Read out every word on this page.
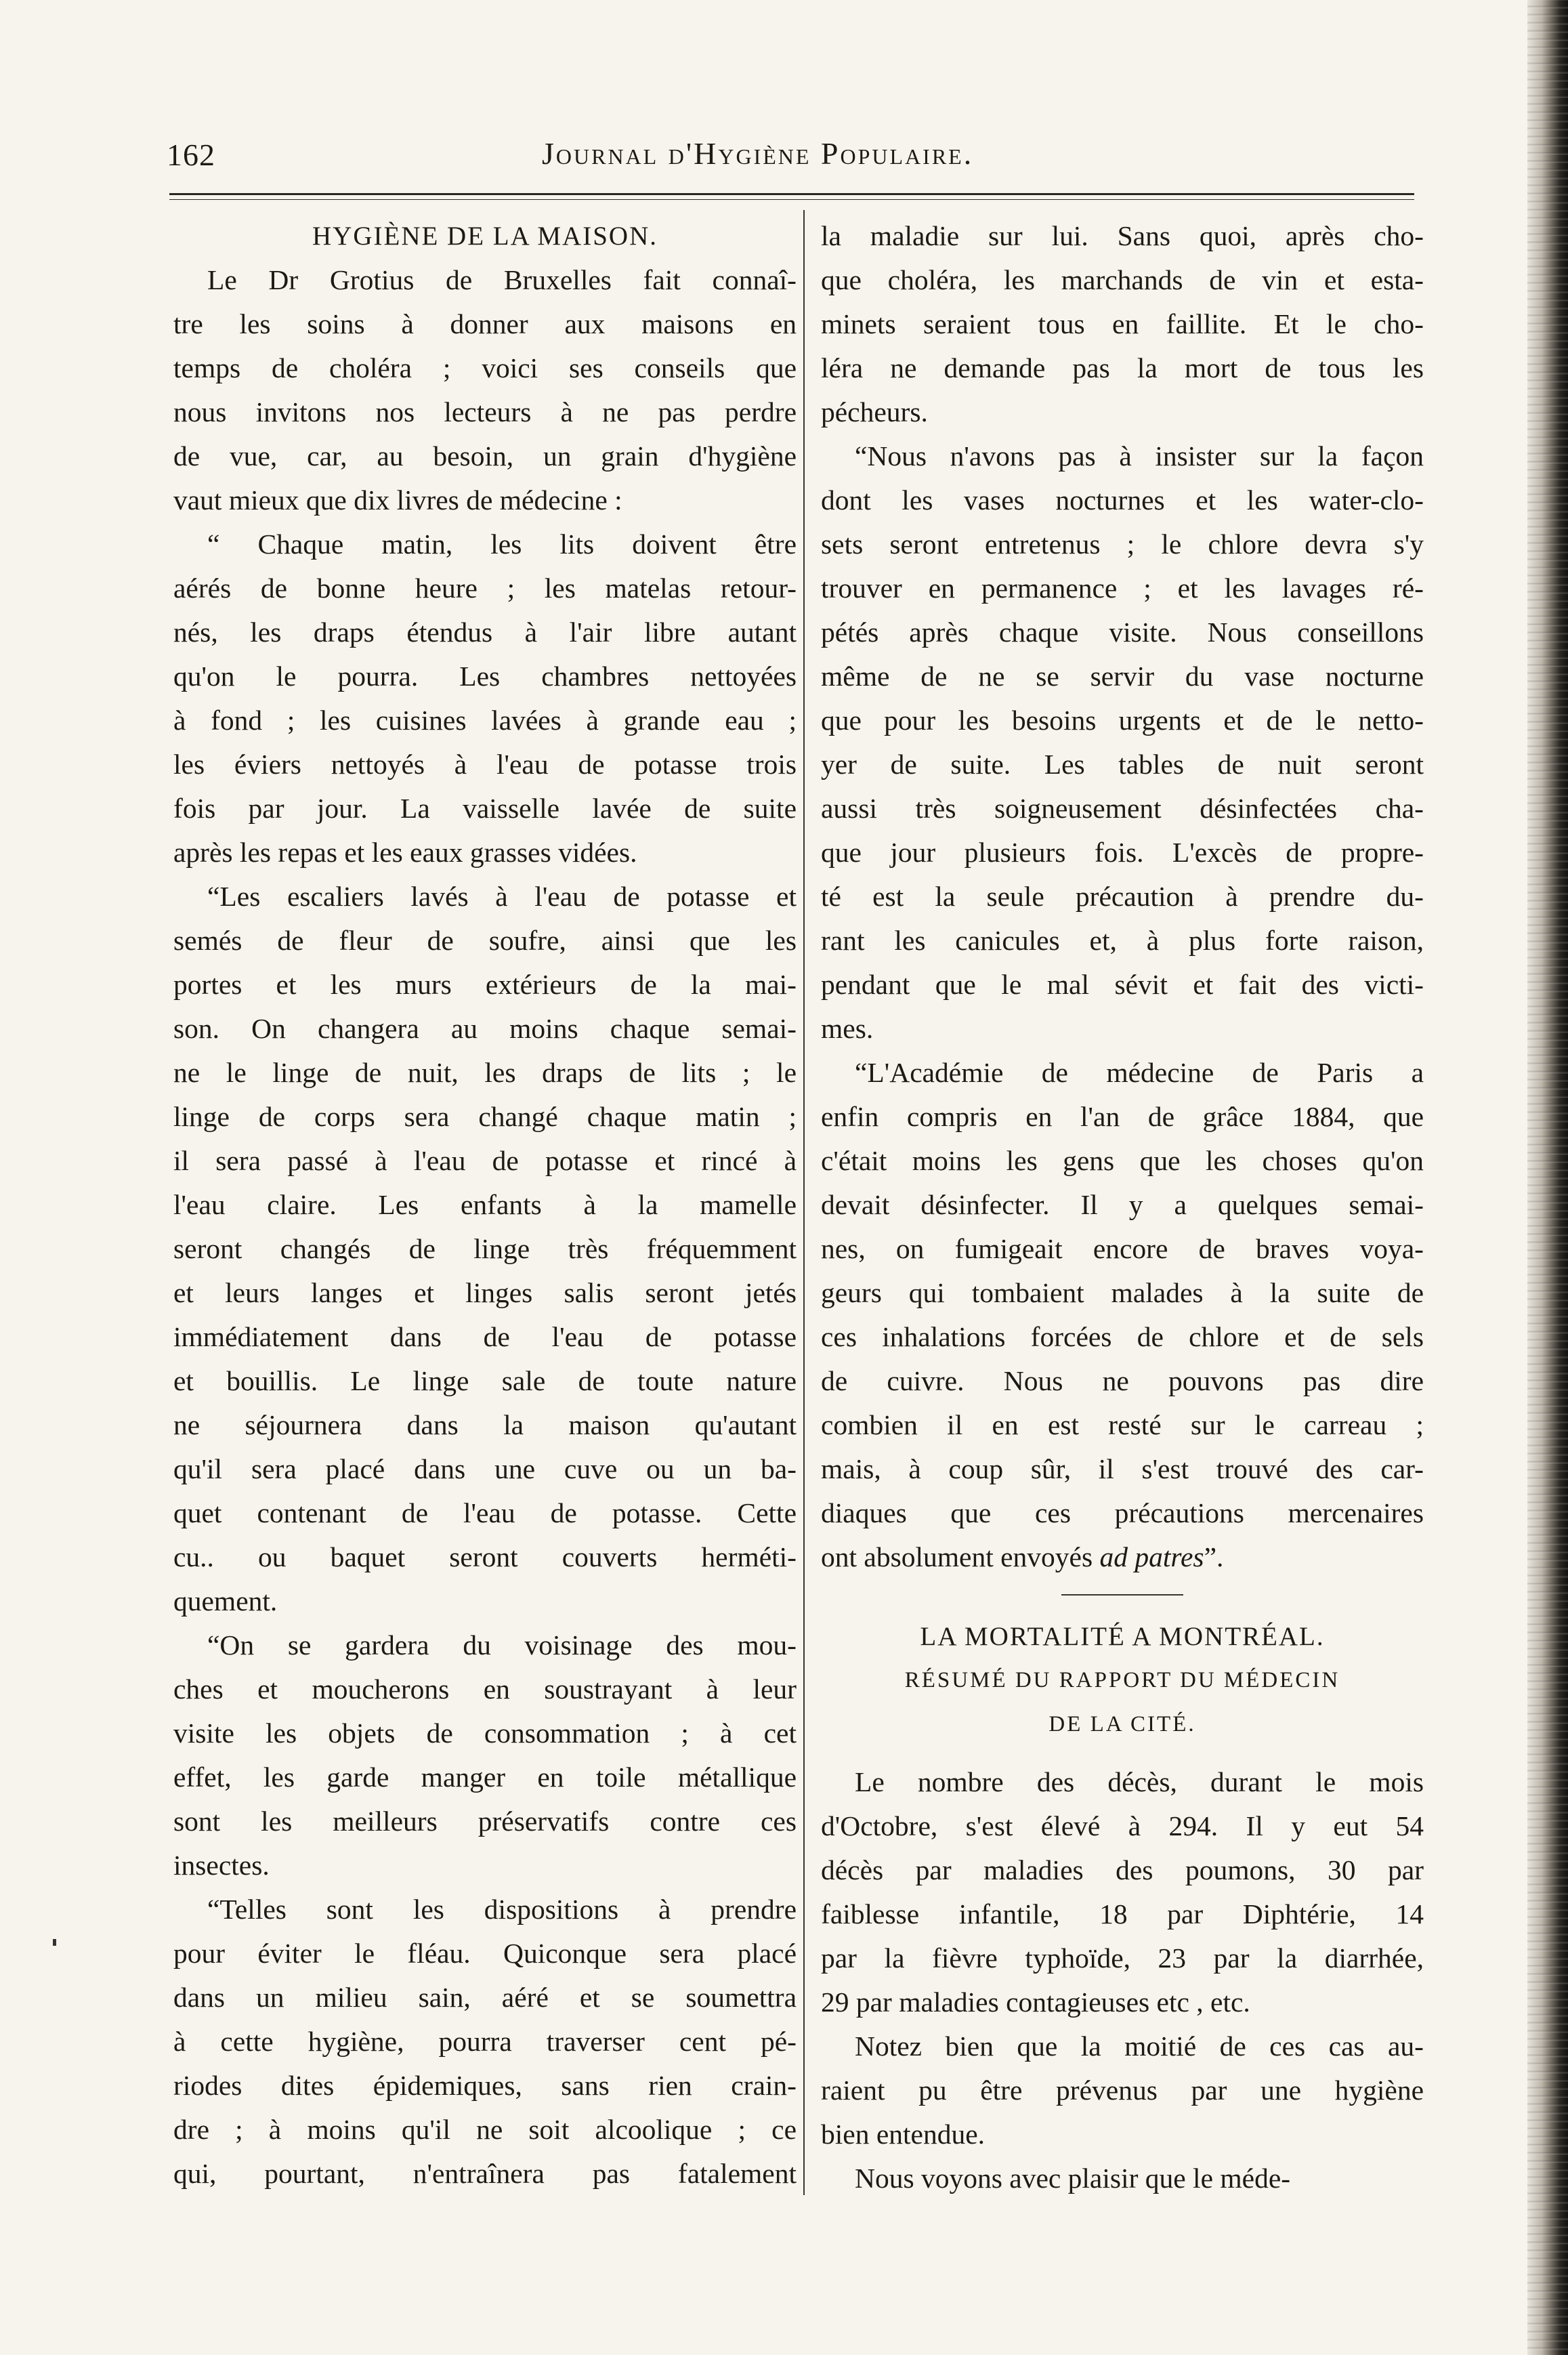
162	Journal d'Hygiène Populaire.
HYGIÈNE DE LA MAISON.
Le Dr Grotius de Bruxelles fait connaî-
tre les soins à donner aux maisons en
temps de choléra ; voici ses conseils que
nous invitons nos lecteurs à ne pas perdre
de vue, car, au besoin, un grain d'hygiène
vaut mieux que dix livres de médecine :
“ Chaque matin, les lits doivent être
aérés de bonne heure ; les matelas retour-
nés, les draps étendus à l'air libre autant
qu'on le pourra. Les chambres nettoyées
à fond ; les cuisines lavées à grande eau ;
les éviers nettoyés à l'eau de potasse trois
fois par jour. La vaisselle lavée de suite
après les repas et les eaux grasses vidées.
“Les escaliers lavés à l'eau de potasse et
semés de fleur de soufre, ainsi que les
portes et les murs extérieurs de la mai-
son. On changera au moins chaque semai-
ne le linge de nuit, les draps de lits ; le
linge de corps sera changé chaque matin ;
il sera passé à l'eau de potasse et rincé à
l'eau claire. Les enfants à la mamelle
seront changés de linge très fréquemment
et leurs langes et linges salis seront jetés
immédiatement dans de l'eau de potasse
et bouillis. Le linge sale de toute nature
ne séjournera dans la maison qu'autant
qu'il sera placé dans une cuve ou un ba-
quet contenant de l'eau de potasse. Cette
cu.. ou baquet seront couverts herméti-
quement.
“On se gardera du voisinage des mou-
ches et moucherons en soustrayant à leur
visite les objets de consommation ; à cet
effet, les garde manger en toile métallique
sont les meilleurs préservatifs contre ces
insectes.
“Telles sont les dispositions à prendre
pour éviter le fléau. Quiconque sera placé
dans un milieu sain, aéré et se soumettra
à cette hygiène, pourra traverser cent pé-
riodes dites épidemiques, sans rien crain-
dre ; à moins qu'il ne soit alcoolique ; ce
qui, pourtant, n'entraînera pas fatalement
la maladie sur lui. Sans quoi, après cho-
que choléra, les marchands de vin et esta-
minets seraient tous en faillite. Et le cho-
léra ne demande pas la mort de tous les
pécheurs.
“Nous n'avons pas à insister sur la façon
dont les vases nocturnes et les water-clo-
sets seront entretenus ; le chlore devra s'y
trouver en permanence ; et les lavages ré-
pétés après chaque visite. Nous conseillons
même de ne se servir du vase nocturne
que pour les besoins urgents et de le netto-
yer de suite. Les tables de nuit seront
aussi très soigneusement désinfectées cha-
que jour plusieurs fois. L'excès de propre-
té est la seule précaution à prendre du-
rant les canicules et, à plus forte raison,
pendant que le mal sévit et fait des victi-
mes.
“L'Académie de médecine de Paris a
enfin compris en l'an de grâce 1884, que
c'était moins les gens que les choses qu'on
devait désinfecter. Il y a quelques semai-
nes, on fumigeait encore de braves voya-
geurs qui tombaient malades à la suite de
ces inhalations forcées de chlore et de sels
de cuivre. Nous ne pouvons pas dire
combien il en est resté sur le carreau ;
mais, à coup sûr, il s'est trouvé des car-
diaques que ces précautions mercenaires
ont absolument envoyés ad patres”.
LA MORTALITÉ A MONTRÉAL.
RÉSUMÉ DU RAPPORT DU MÉDECIN
DE LA CITÉ.
Le nombre des décès, durant le mois
d'Octobre, s'est élevé à 294. Il y eut 54
décès par maladies des poumons, 30 par
faiblesse infantile, 18 par Diphtérie, 14
par la fièvre typhoïde, 23 par la diarrhée,
29 par maladies contagieuses etc , etc.
Notez bien que la moitié de ces cas au-
raient pu être prévenus par une hygiène
bien entendue.
Nous voyons avec plaisir que le méde-
